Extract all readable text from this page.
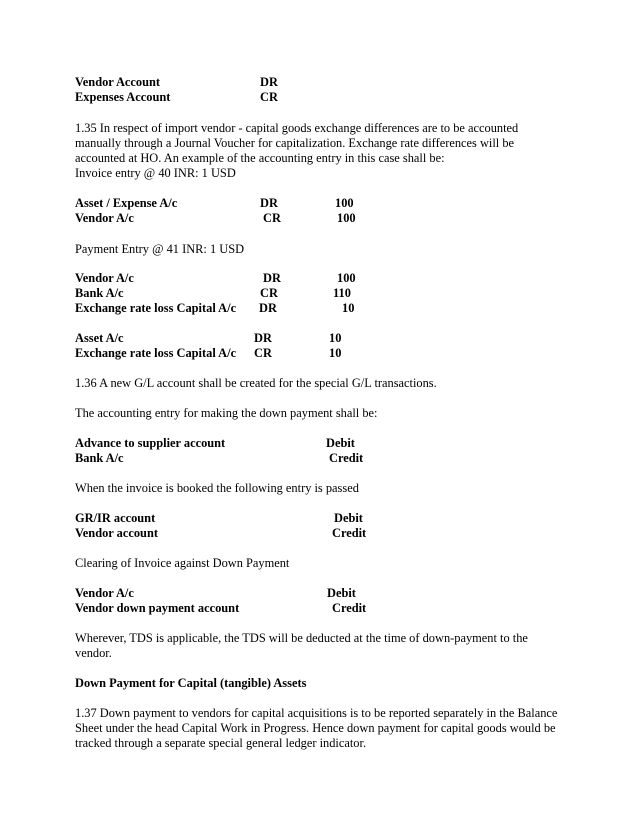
Vendor Account	DR
Expenses Account	CR
1.35 In respect of import vendor - capital goods exchange differences are to be accounted
manually through a Journal Voucher for capitalization. Exchange rate differences will be
accounted at HO. An example of the accounting entry in this case shall be:
Invoice entry @ 40 INR: 1 USD
Asset / Expense A/c	DR	100
Vendor A/c	CR	100
Payment Entry @ 41 INR: 1 USD
Vendor A/c	DR	100
Bank A/c	CR	110
Exchange rate loss Capital A/c DR	10
Asset A/c	DR	10
Exchange rate loss Capital A/c CR	10
1.36 A new G/L account shall be created for the special G/L transactions.
The accounting entry for making the down payment shall be:
Advance to supplier account	Debit
Bank A/c	Credit
When the invoice is booked the following entry is passed
GR/IR account	Debit
Vendor account	Credit
Clearing of Invoice against Down Payment
Vendor A/c	Debit
Vendor down payment account	Credit
Wherever, TDS is applicable, the TDS will be deducted at the time of down-payment to the
vendor.
Down Payment for Capital (tangible) Assets
1.37 Down payment to vendors for capital acquisitions is to be reported separately in the Balance
Sheet under the head Capital Work in Progress. Hence down payment for capital goods would be
tracked through a separate special general ledger indicator.
